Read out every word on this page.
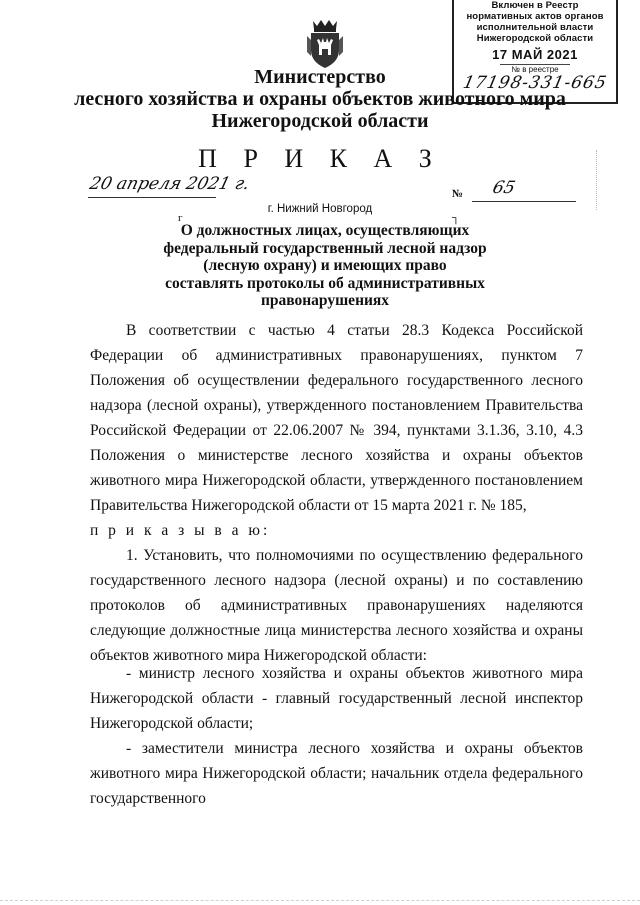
Включен в Реестр
нормативных актов органов
исполнительной власти
Нижегородской области
17 МАЙ 2021
№ в реестре
17198-331-665
Министерство
лесного хозяйства и охраны объектов животного мира
Нижегородской области
П Р И К А З
20 апреля 2021 г.	№ 65
г. Нижний Новгород
г	┐
О должностных лицах, осуществляющих
федеральный государственный лесной надзор
(лесную охрану) и имеющих право
составлять протоколы об административных
правонарушениях
В соответствии с частью 4 статьи 28.3 Кодекса Российской Федерации об административных правонарушениях, пунктом 7 Положения об осуществлении федерального государственного лесного надзора (лесной охраны), утвержденного постановлением Правительства Российской Федерации от 22.06.2007 № 394, пунктами 3.1.36, 3.10, 4.3 Положения о министерстве лесного хозяйства и охраны объектов животного мира Нижегородской области, утвержденного постановлением Правительства Нижегородской области от 15 марта 2021 г. № 185,
п р и к а з ы в а ю:
1. Установить, что полномочиями по осуществлению федерального государственного лесного надзора (лесной охраны) и по составлению протоколов об административных правонарушениях наделяются следующие должностные лица министерства лесного хозяйства и охраны объектов животного мира Нижегородской области:
- министр лесного хозяйства и охраны объектов животного мира Нижегородской области - главный государственный лесной инспектор Нижегородской области;
- заместители министра лесного хозяйства и охраны объектов животного мира Нижегородской области; начальник отдела федерального государственного
